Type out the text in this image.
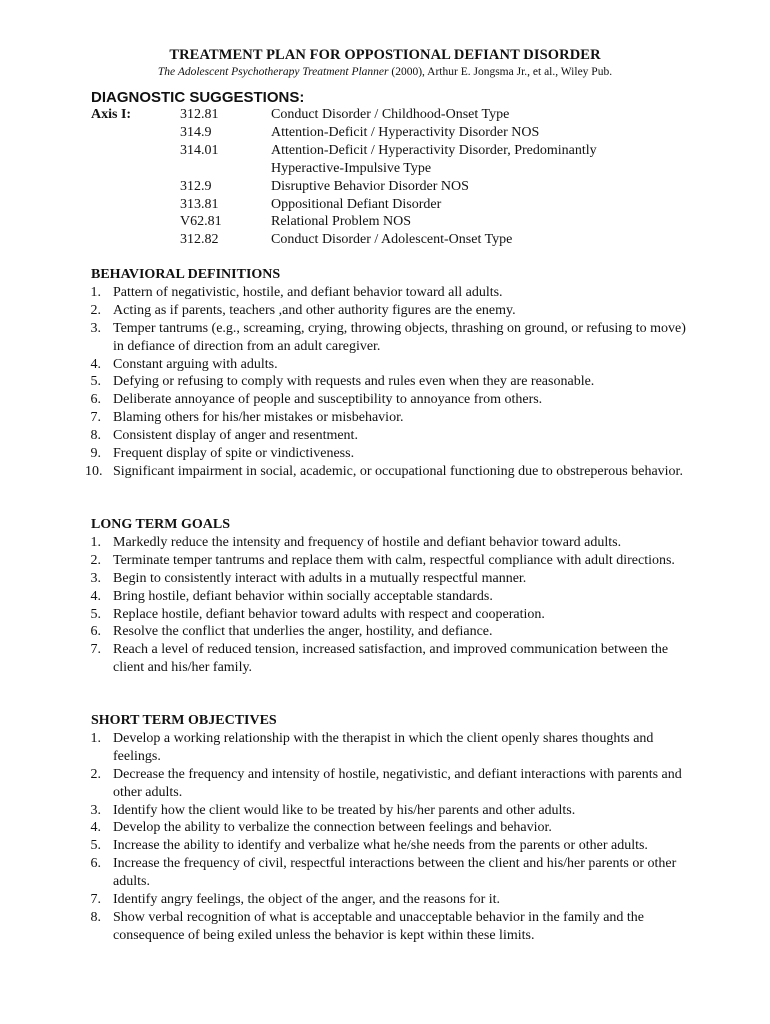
TREATMENT PLAN FOR OPPOSTIONAL DEFIANT DISORDER
The Adolescent Psychotherapy Treatment Planner (2000), Arthur E. Jongsma Jr., et al., Wiley Pub.
DIAGNOSTIC SUGGESTIONS:
Axis I:	312.81	Conduct Disorder / Childhood-Onset Type
314.9	Attention-Deficit / Hyperactivity Disorder NOS
314.01	Attention-Deficit / Hyperactivity Disorder, Predominantly
Hyperactive-Impulsive Type
312.9	Disruptive Behavior Disorder NOS
313.81	Oppositional Defiant Disorder
V62.81	Relational Problem NOS
312.82	Conduct Disorder / Adolescent-Onset Type
BEHAVIORAL DEFINITIONS
1. Pattern of negativistic, hostile, and defiant behavior toward all adults.
2. Acting as if parents, teachers ,and other authority figures are the enemy.
3. Temper tantrums (e.g., screaming, crying, throwing objects, thrashing on ground, or refusing to move) in defiance of direction from an adult caregiver.
4. Constant arguing with adults.
5. Defying or refusing to comply with requests and rules even when they are reasonable.
6. Deliberate annoyance of people and susceptibility to annoyance from others.
7. Blaming others for his/her mistakes or misbehavior.
8. Consistent display of anger and resentment.
9. Frequent display of spite or vindictiveness.
10. Significant impairment in social, academic, or occupational functioning due to obstreperous behavior.
LONG TERM GOALS
1. Markedly reduce the intensity and frequency of hostile and defiant behavior toward adults.
2. Terminate temper tantrums and replace them with calm, respectful compliance with adult directions.
3. Begin to consistently interact with adults in a mutually respectful manner.
4. Bring hostile, defiant behavior within socially acceptable standards.
5. Replace hostile, defiant behavior toward adults with respect and cooperation.
6. Resolve the conflict that underlies the anger, hostility, and defiance.
7. Reach a level of reduced tension, increased satisfaction, and improved communication between the client and his/her family.
SHORT TERM OBJECTIVES
1. Develop a working relationship with the therapist in which the client openly shares thoughts and feelings.
2. Decrease the frequency and intensity of hostile, negativistic, and defiant interactions with parents and other adults.
3. Identify how the client would like to be treated by his/her parents and other adults.
4. Develop the ability to verbalize the connection between feelings and behavior.
5. Increase the ability to identify and verbalize what he/she needs from the parents or other adults.
6. Increase the frequency of civil, respectful interactions between the client and his/her parents or other adults.
7. Identify angry feelings, the object of the anger, and the reasons for it.
8. Show verbal recognition of what is acceptable and unacceptable behavior in the family and the consequence of being exiled unless the behavior is kept within these limits.
